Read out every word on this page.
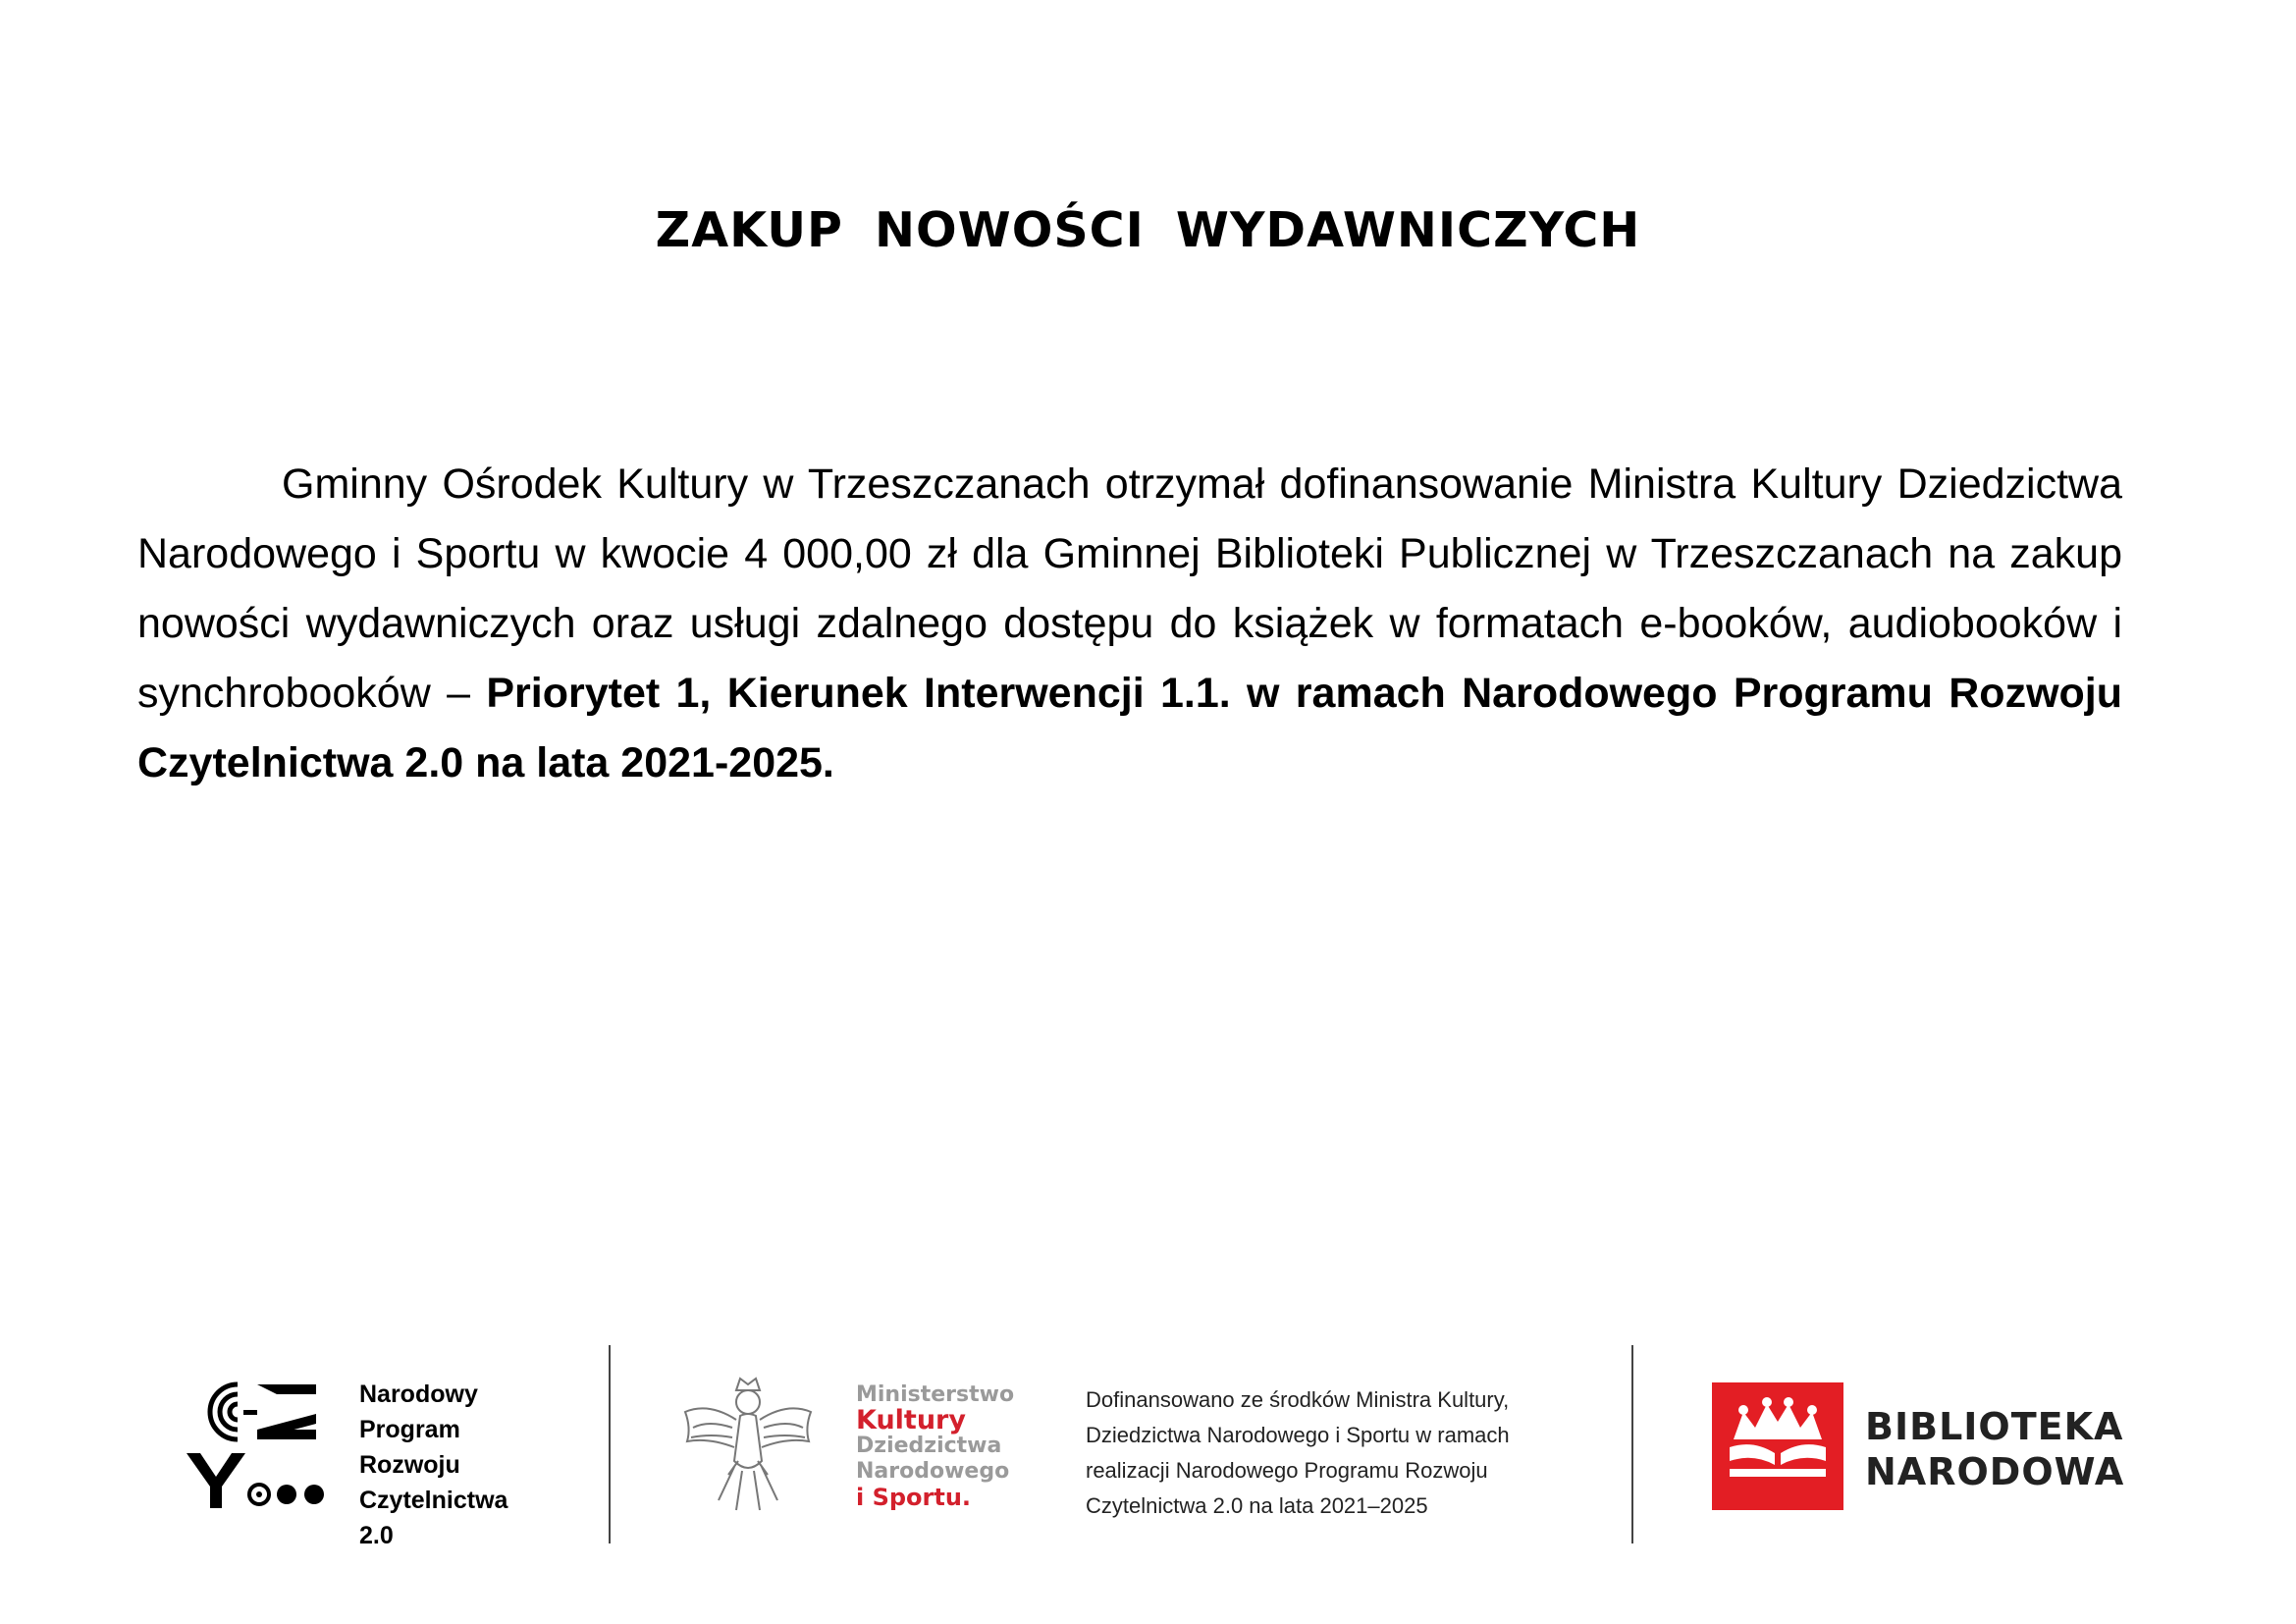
ZAKUP NOWOŚCI WYDAWNICZYCH

Gminny Ośrodek Kultury w Trzeszczanach otrzymał dofinansowanie Ministra Kultury Dziedzictwa Narodowego i Sportu w kwocie 4 000,00 zł dla Gminnej Biblioteki Publicznej w Trzeszczanach na zakup nowości wydawniczych oraz usługi zdalnego dostępu do książek w formatach e-booków, audiobooków i synchrobooków – Priorytet 1, Kierunek Interwencji 1.1. w ramach Narodowego Programu Rozwoju Czytelnictwa 2.0 na lata 2021-2025.

Narodowy
Program
Rozwoju
Czytelnictwa
2.0
Ministerstwo
Kultury
Dziedzictwa
Narodowego
i Sportu.
Dofinansowano ze środków Ministra Kultury,
Dziedzictwa Narodowego i Sportu w ramach
realizacji Narodowego Programu Rozwoju
Czytelnictwa 2.0 na lata 2021–2025
BIBLIOTEKA
NARODOWA
